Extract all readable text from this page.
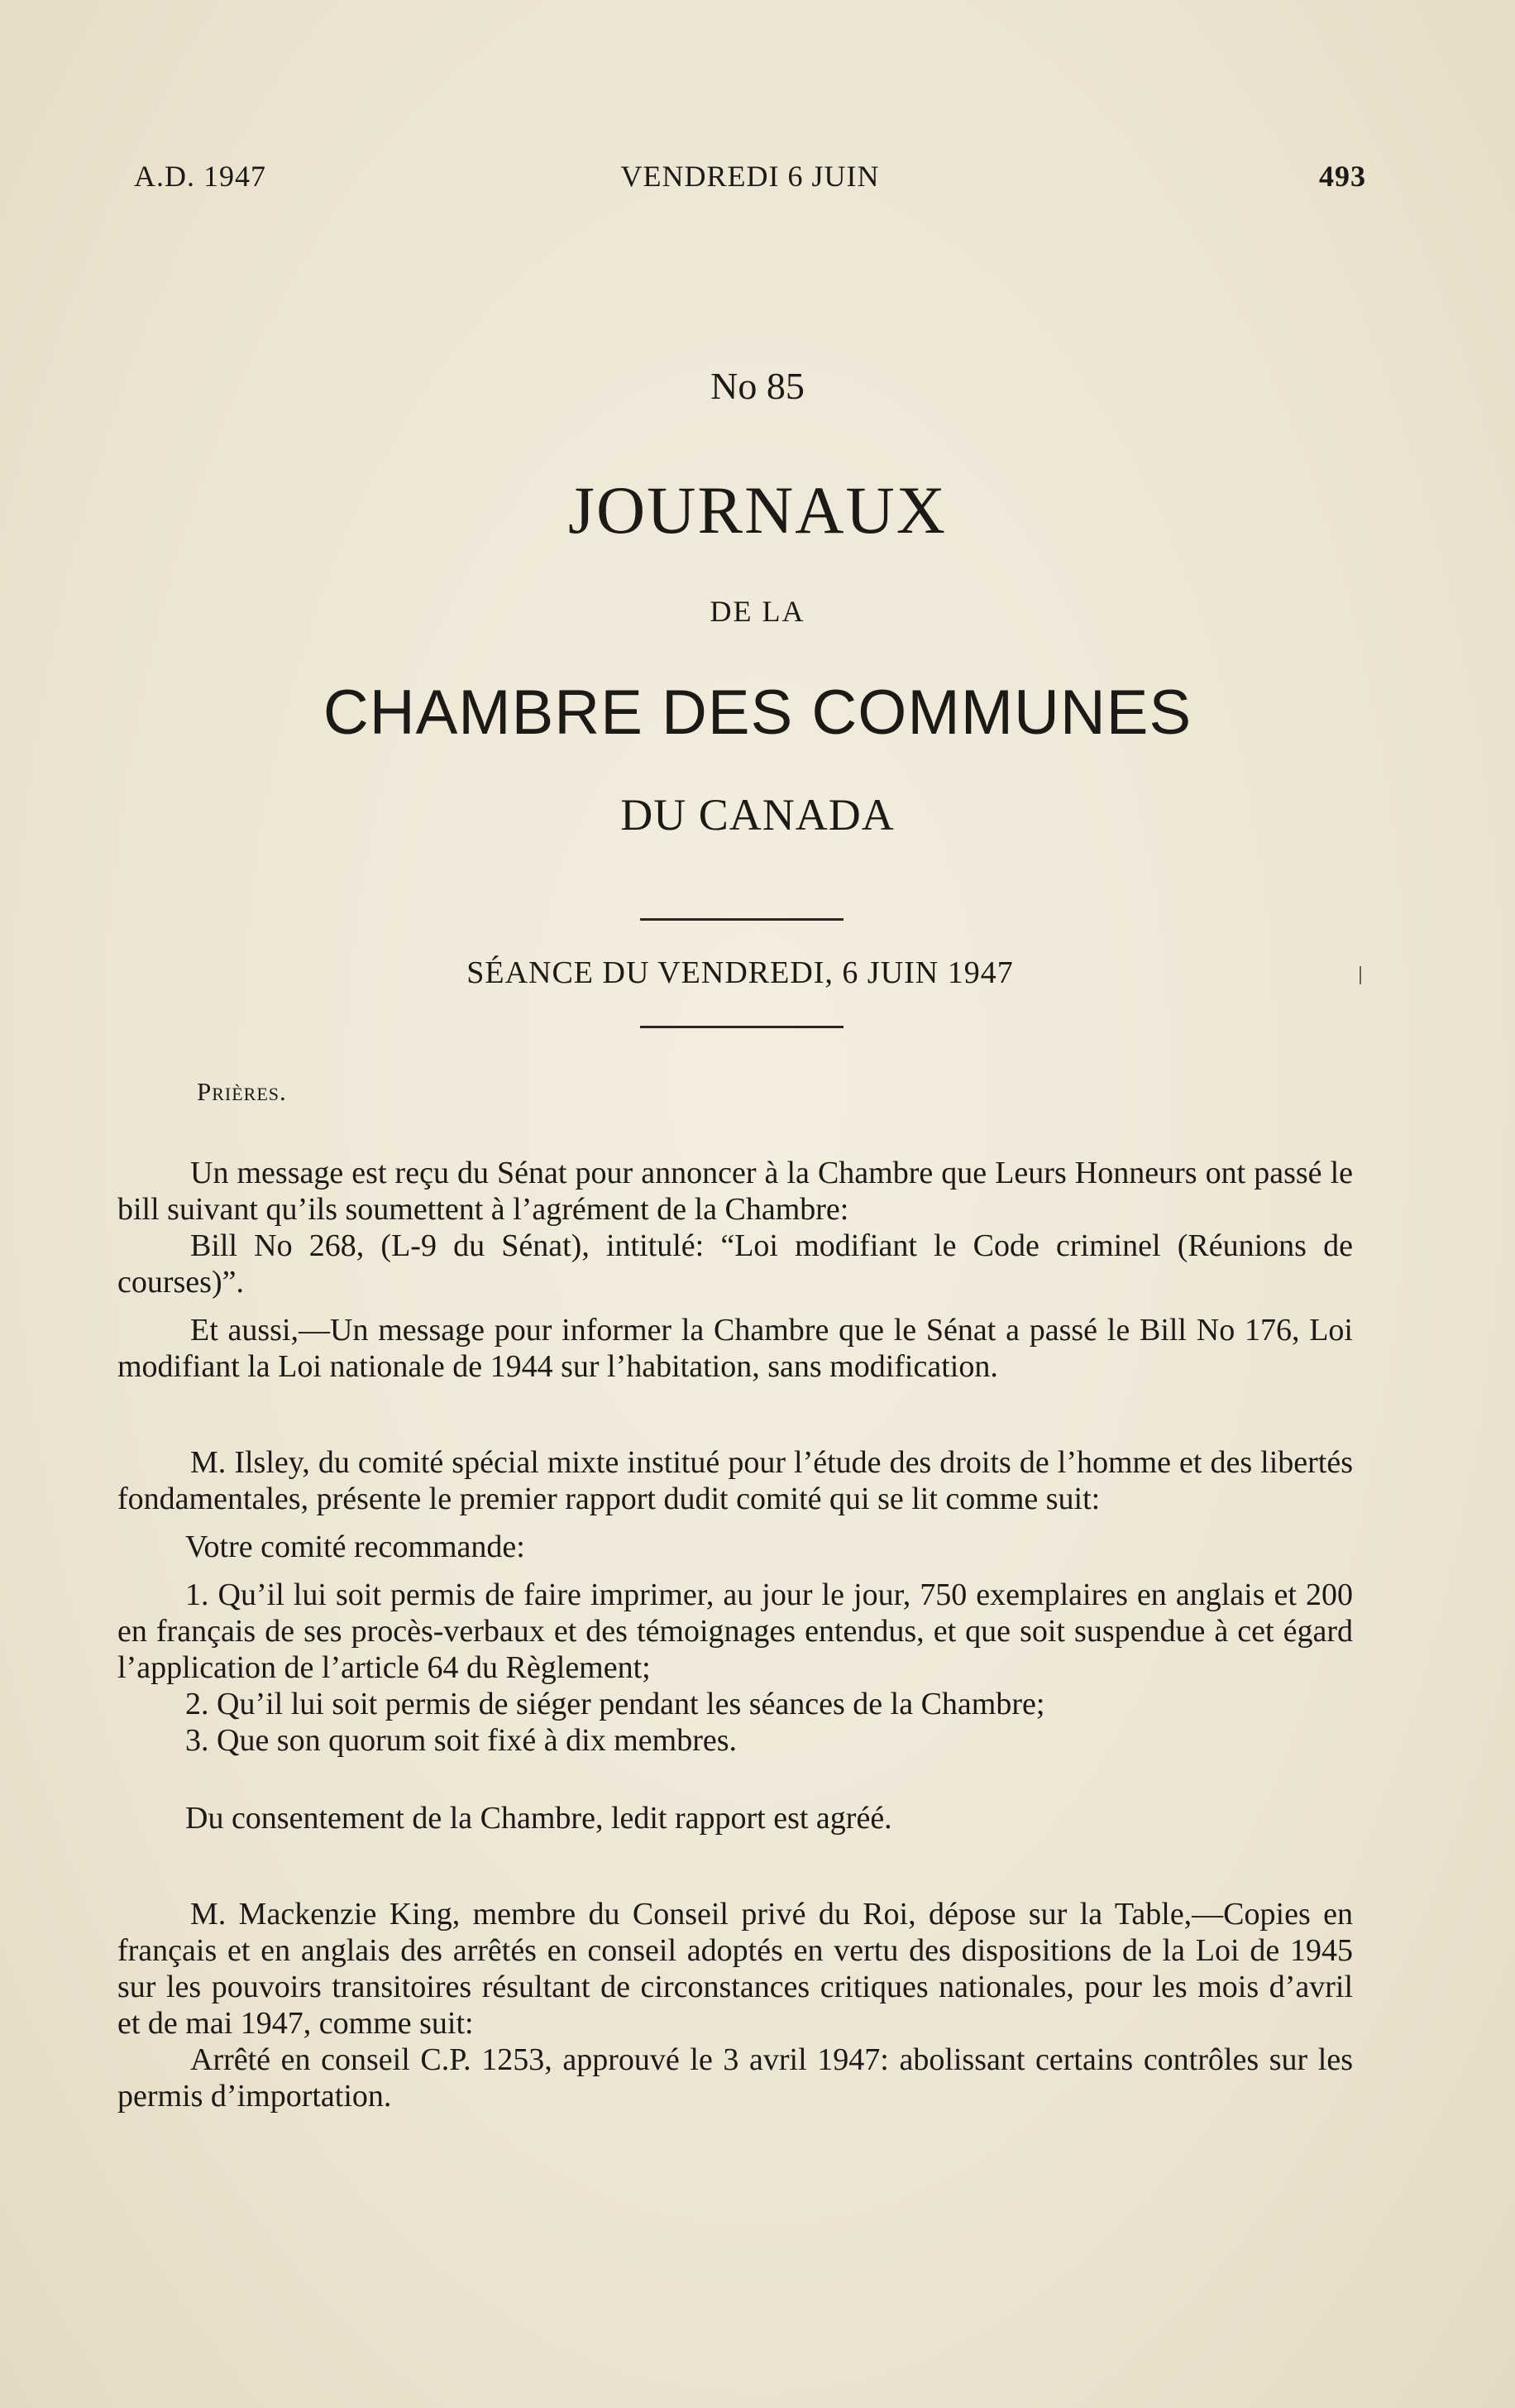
A.D. 1947	VENDREDI 6 JUIN	493
No 85
JOURNAUX
DE LA
CHAMBRE DES COMMUNES
DU CANADA
SÉANCE DU VENDREDI, 6 JUIN 1947
Prières.

Un message est reçu du Sénat pour annoncer à la Chambre que Leurs Honneurs ont passé le bill suivant qu’ils soumettent à l’agrément de la Chambre:

Bill No 268, (L-9 du Sénat), intitulé: “Loi modifiant le Code criminel (Réunions de courses)”.

Et aussi,—Un message pour informer la Chambre que le Sénat a passé le Bill No 176, Loi modifiant la Loi nationale de 1944 sur l’habitation, sans modification.

M. Ilsley, du comité spécial mixte institué pour l’étude des droits de l’homme et des libertés fondamentales, présente le premier rapport dudit comité qui se lit comme suit:

Votre comité recommande:

1. Qu’il lui soit permis de faire imprimer, au jour le jour, 750 exemplaires en anglais et 200 en français de ses procès-verbaux et des témoignages entendus, et que soit suspendue à cet égard l’application de l’article 64 du Règlement;

2. Qu’il lui soit permis de siéger pendant les séances de la Chambre;

3. Que son quorum soit fixé à dix membres.

Du consentement de la Chambre, ledit rapport est agréé.

M. Mackenzie King, membre du Conseil privé du Roi, dépose sur la Table,—Copies en français et en anglais des arrêtés en conseil adoptés en vertu des dispositions de la Loi de 1945 sur les pouvoirs transitoires résultant de circonstances critiques nationales, pour les mois d’avril et de mai 1947, comme suit:

Arrêté en conseil C.P. 1253, approuvé le 3 avril 1947: abolissant certains contrôles sur les permis d’importation.
